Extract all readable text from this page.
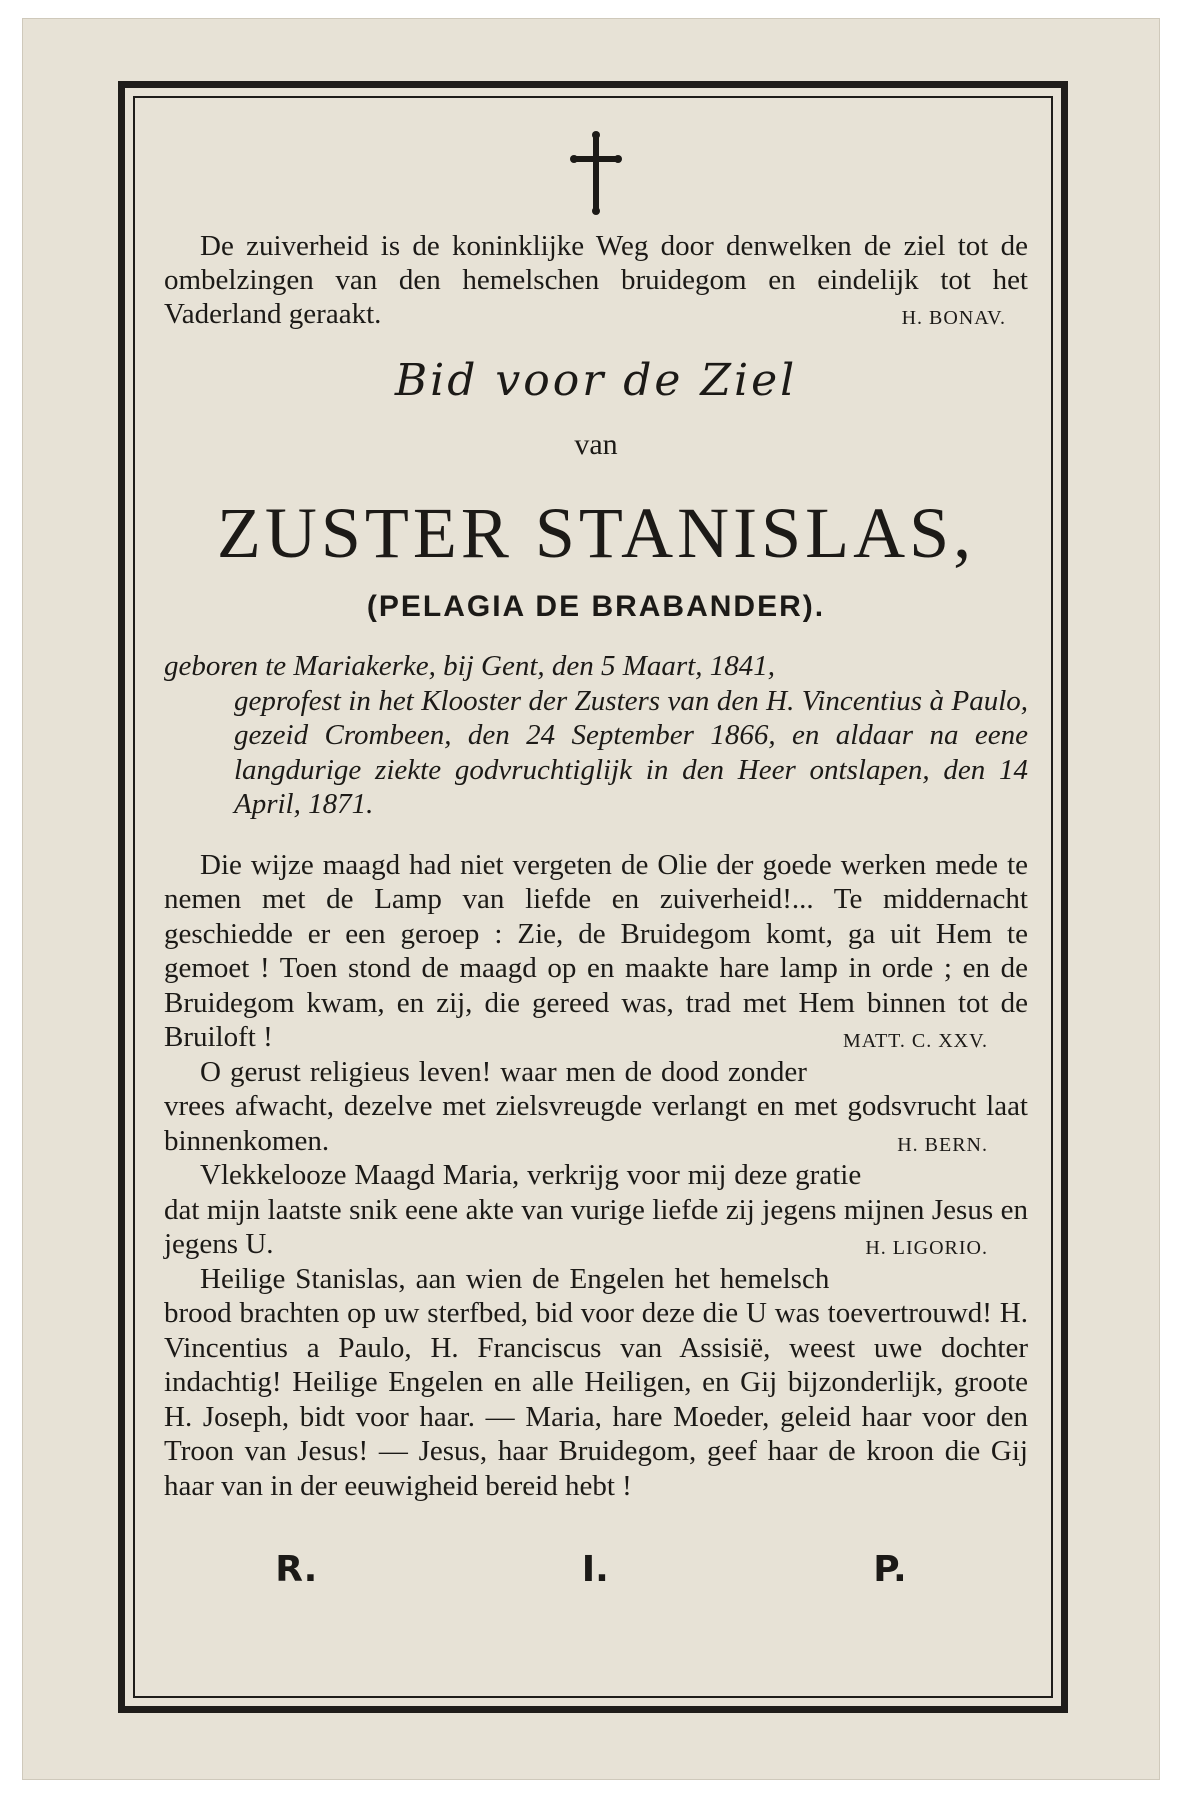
De zuiverheid is de koninklijke Weg door denwelken de ziel tot de ombelzingen van den hemelschen bruidegom en eindelijk tot het Vaderland geraakt.	H. BONAV.

Bid voor de Ziel
van
ZUSTER STANISLAS,
(PELAGIA DE BRABANDER).

geboren te Mariakerke, bij Gent, den 5 Maart, 1841,

geprofest in het Klooster der Zusters van den H. Vincentius à Paulo, gezeid Crombeen, den 24 September 1866, en aldaar na eene langdurige ziekte godvruchtiglijk in den Heer ontslapen, den 14 April, 1871.

Die wijze maagd had niet vergeten de Olie der goede werken mede te nemen met de Lamp van liefde en zuiverheid!... Te middernacht geschiedde er een geroep : Zie, de Bruidegom komt, ga uit Hem te gemoet ! Toen stond de maagd op en maakte hare lamp in orde ; en de Bruidegom kwam, en zij, die gereed was, trad met Hem binnen tot de Bruiloft !	MATT. C. XXV.

O gerust religieus leven! waar men de dood zonder vrees afwacht, dezelve met zielsvreugde verlangt en met godsvrucht laat binnenkomen.	H. BERN.

Vlekkelooze Maagd Maria, verkrijg voor mij deze gratie dat mijn laatste snik eene akte van vurige liefde zij jegens mijnen Jesus en jegens U.	H. LIGORIO.

Heilige Stanislas, aan wien de Engelen het hemelsch brood brachten op uw sterfbed, bid voor deze die U was toevertrouwd! H. Vincentius a Paulo, H. Franciscus van Assisië, weest uwe dochter indachtig! Heilige Engelen en alle Heiligen, en Gij bijzonderlijk, groote H. Joseph, bidt voor haar. — Maria, hare Moeder, geleid haar voor den Troon van Jesus! — Jesus, haar Bruidegom, geef haar de kroon die Gij haar van in der eeuwigheid bereid hebt !

R.	I.	P.
